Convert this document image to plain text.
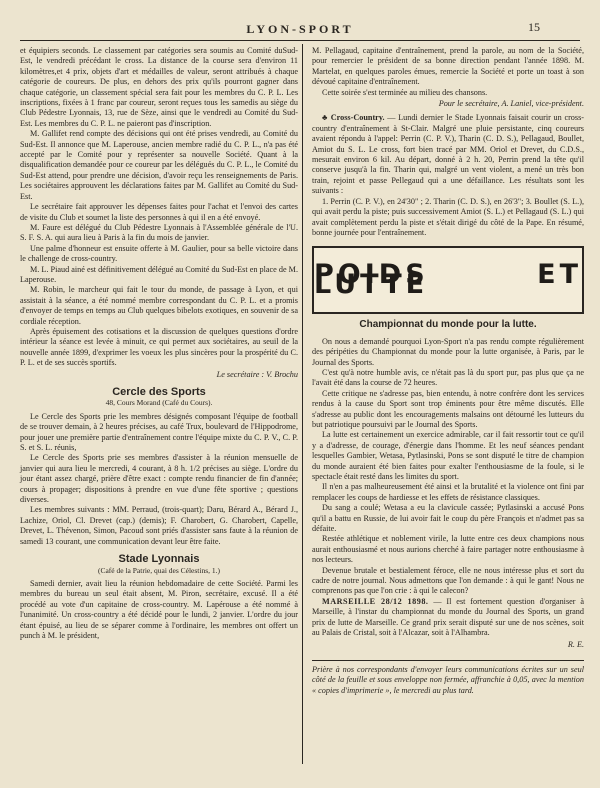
LYON-SPORT	15

et équipiers seconds. Le classement par catégories sera soumis au Comité duSud-Est, le vendredi précédant le cross. La distance de la course sera d'environ 11 kilomètres,et 4 prix, objets d'art et médailles de valeur, seront attribués à chaque catégorie de coureurs. De plus, en dehors des prix qu'ils pourront gagner dans chaque catégorie, un classement spécial sera fait pour les membres du C. P. L. Les inscriptions, fixées à 1 franc par coureur, seront reçues tous les samedis au siège du Club Pédestre Lyonnais, 13, rue de Sèze, ainsi que le vendredi au Comité du Sud-Est. Les membres du C. P. L. ne paieront pas d'inscription.

M. Gallifet rend compte des décisions qui ont été prises vendredi, au Comité du Sud-Est. Il annonce que M. Laperouse, ancien membre radié du C. P. L., n'a pas été accepté par le Comité pour y représenter sa nouvelle Société. Quant à la disqualification demandée pour ce coureur par les délégués du C. P. L., le Comité du Sud-Est attend, pour prendre une décision, d'avoir reçu les renseignements de Paris. Les sociétaires approuvent les déclarations faites par M. Gallifet au Comité du Sud-Est.

Le secrétaire fait approuver les dépenses faites pour l'achat et l'envoi des cartes de visite du Club et soumet la liste des personnes à qui il en a été envoyé.

M. Faure est délégué du Club Pédestre Lyonnais à l'Assemblée générale de l'U. S. F. S. A. qui aura lieu à Paris à la fin du mois de janvier.

Une palme d'honneur est ensuite offerte à M. Gaulier, pour sa belle victoire dans le challenge de cross-country.

M. L. Piaud ainé est définitivement délégué au Comité du Sud-Est en place de M. Laperouse.

M. Robin, le marcheur qui fait le tour du monde, de passage à Lyon, et qui assistait à la séance, a été nommé membre correspondant du C. P. L. et a promis d'envoyer de temps en temps au Club quelques bibelots exotiques, en souvenir de sa cordiale réception.

Après épuisement des cotisations et la discussion de quelques questions d'ordre intérieur la séance est levée à minuit, ce qui permet aux sociétaires, au seuil de la nouvelle année 1899, d'exprimer les voeux les plus sincères pour la prospérité du C. P. L. et de ses succès sportifs.

Le secrétaire : V. Brochu

Cercle des Sports
48, Cours Morand (Café du Cours).

Le Cercle des Sports prie les membres désignés composant l'équipe de football de se trouver demain, à 2 heures précises, au café Trux, boulevard de l'Hippodrome, pour jouer une première partie d'entraînement contre l'équipe mixte du C. P. V., C. P. S. et S. L. réunis,

Le Cercle des Sports prie ses membres d'assister à la réunion mensuelle de janvier qui aura lieu le mercredi, 4 courant, à 8 h. 1/2 précises au siège. L'ordre du jour étant assez chargé, prière d'être exact : compte rendu financier de fin d'année; cours à propager; dispositions à prendre en vue d'une fête sportive ; questions diverses.

Les membres suivants : MM. Perraud, (trois-quart); Daru, Bérard A., Bérard J., Lachize, Oriol, Cl. Drevet (cap.) (demis); F. Charobert, G. Charobert, Capelle, Drevet, L. Thévenon, Simon, Pacoud sont priés d'assister sans faute à la réunion de samedi 13 courant, une communication devant leur être faite.

Stade Lyonnais
(Café de la Patrie, quai des Célestins, 1.)

Samedi dernier, avait lieu la réunion hebdomadaire de cette Société. Parmi les membres du bureau un seul était absent, M. Piron, secrétaire, excusé. Il a été procédé au vote d'un capitaine de cross-country. M. Lapérouse a été nommé à l'unanimité. Un cross-country a été décidé pour le lundi, 2 janvier. L'ordre du jour étant épuisé, au lieu de se séparer comme à l'ordinaire, les membres ont offert un punch à M. le président,

M. Pellagaud, capitaine d'entraînement, prend la parole, au nom de la Société, pour remercier le président de sa bonne direction pendant l'année 1898. M. Martelat, en quelques paroles émues, remercie la Société et porte un toast à son dévoué capitaine d'entraînement.

Cette soirée s'est terminée au milieu des chansons.

Pour le secrétaire, A. Laniel, vice-président.

♣ Cross-Country. — Lundi dernier le Stade Lyonnais faisait courir un cross-country d'entraînement à St-Clair. Malgré une pluie persistante, cinq coureurs avaient répondu à l'appel: Perrin (C. P. V.), Tharin (C. D. S.), Pellagaud, Boullet, Amiot du S. L. Le cross, fort bien tracé par MM. Oriol et Drevet, du C.D.S., mesurait environ 6 kil. Au départ, donné à 2 h. 20, Perrin prend la tête qu'il conserve jusqu'à la fin. Tharin qui, malgré un vent violent, a mené un très bon train, rejoint et passe Pellegaud qui a une défaillance. Les résultats sont les suivants :

1. Perrin (C. P. V.), en 24'30" ; 2. Tharin (C. D. S.), en 26'3"; 3. Boullet (S. L.), qui avait perdu la piste; puis successivement Amiot (S. L.) et Pellagaud (S. L.) qui avait complètement perdu la piste et s'était dirigé du côté de la Pape. En résumé, bonne journée pour l'entraînement.

POIDS ET LUTTE
Championnat du monde pour la lutte.

On nous a demandé pourquoi Lyon-Sport n'a pas rendu compte régulièrement des péripéties du Championnat du monde pour la lutte organisée, à Paris, par le Journal des Sports.

C'est qu'à notre humble avis, ce n'était pas là du sport pur, pas plus que ça ne l'avait été dans la course de 72 heures.

Cette critique ne s'adresse pas, bien entendu, à notre confrère dont les services rendus à la cause du Sport sont trop éminents pour être même discutés. Elle s'adresse au public dont les encouragements malsains ont détourné les lutteurs du but patriotique poursuivi par le Journal des Sports.

La lutte est certainement un exercice admirable, car il fait ressortir tout ce qu'il y a d'adresse, de courage, d'énergie dans l'homme. Et les neuf séances pendant lesquelles Gambier, Wetasa, Pytlasinski, Pons se sont disputé le titre de champion du monde auraient été bien faites pour exalter l'enthousiasme de la foule, si le spectacle était resté dans les limites du sport.

Il n'en a pas malheureusement été ainsi et la brutalité et la violence ont fini par remplacer les coups de hardiesse et les effets de résistance classiques.

Du sang a coulé; Wetasa a eu la clavicule cassée; Pytlasinski a accusé Pons qu'il a battu en Russie, de lui avoir fait le coup du père François et n'admet pas sa défaite.

Restée athlétique et noblement virile, la lutte entre ces deux champions nous aurait enthousiasmé et nous aurions cherché à faire partager notre enthousiasme à nos lecteurs.

Devenue brutale et bestialement féroce, elle ne nous intéresse plus et sort du cadre de notre journal. Nous admettons que l'on demande : à qui le gant! Nous ne comprenons pas que l'on crie : à qui le calecon?

MARSEILLE 28/12 1898. — Il est fortement question d'organiser à Marseille, à l'instar du championnat du monde du Journal des Sports, un grand prix de lutte de Marseille. Ce grand prix serait disputé sur une de nos scènes, soit au Palais de Cristal, soit à l'Alcazar, soit à l'Alhambra.

R. E.

Prière à nos correspondants d'envoyer leurs communications écrites sur un seul côté de la feuille et sous enveloppe non fermée, affranchie à 0,05, avec la mention « copies d'imprimerie », le mercredi au plus tard.
